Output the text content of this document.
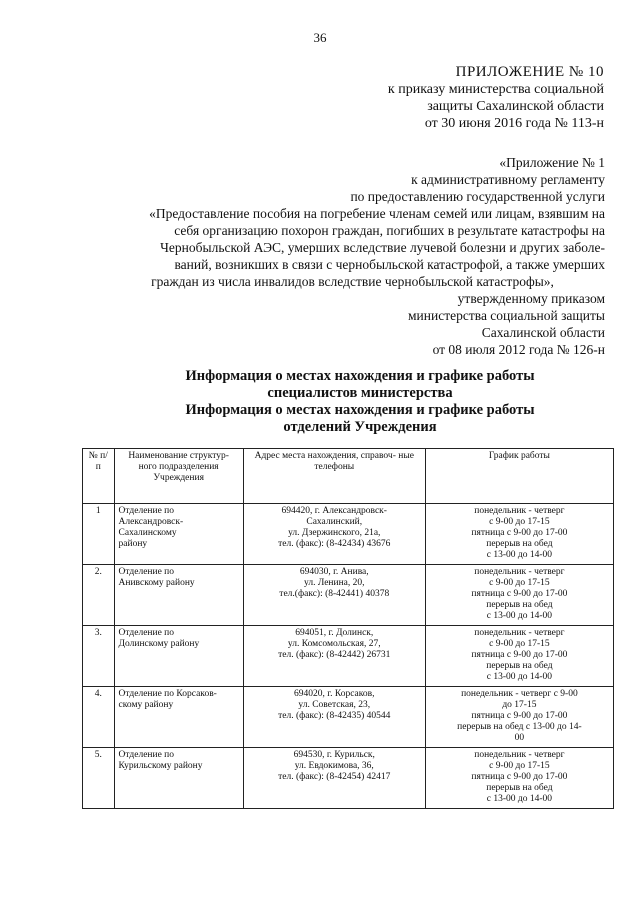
36
ПРИЛОЖЕНИЕ № 10
к приказу министерства социальной
защиты Сахалинской области
от 30 июня 2016 года № 113-н
«Приложение № 1
к административному регламенту
по предоставлению государственной услуги
«Предоставление пособия на погребение членам семей или лицам, взявшим на
себя организацию похорон граждан, погибших в результате катастрофы на
Чернобыльской АЭС, умерших вследствие лучевой болезни и других заболе-
ваний, возникших в связи с чернобыльской катастрофой, а также умерших
граждан из числа инвалидов вследствие чернобыльской катастрофы»,
утвержденному приказом
министерства социальной защиты
Сахалинской области
от 08 июля 2012 года № 126-н
Информация о местах нахождения и графике работы
специалистов министерства
Информация о местах нахождения и графике работы
отделений Учреждения
№ п/п	Наименование структур- ного подразделения Учреждения	Адрес места нахождения, справоч- ные телефоны	График работы
1	Отделение по
Александровск-
Сахалинскому
району	694420, г. Александровск-
Сахалинский,
ул. Дзержинского, 21а,
тел. (факс): (8-42434) 43676	понедельник - четверг
с 9-00 до 17-15
пятница с 9-00 до 17-00
перерыв на обед
с 13-00 до 14-00

2.	Отделение по
Анивскому району	694030, г. Анива,
ул. Ленина, 20,
тел.(факс): (8-42441) 40378	понедельник - четверг
с 9-00 до 17-15
пятница с 9-00 до 17-00
перерыв на обед
с 13-00 до 14-00

3.	Отделение по
Долинскому району	694051, г. Долинск,
ул. Комсомольская, 27,
тел. (факс): (8-42442) 26731	понедельник - четверг
с 9-00 до 17-15
пятница с 9-00 до 17-00
перерыв на обед
с 13-00 до 14-00

4.	Отделение по Корсаков-
скому району	694020, г. Корсаков,
ул. Советская, 23,
тел. (факс): (8-42435) 40544	понедельник - четверг с 9-00
до 17-15
пятница с 9-00 до 17-00
перерыв на обед с 13-00 до 14-
00

5.	Отделение по
Курильскому району	694530, г. Курильск,
ул. Евдокимова, 36,
тел. (факс): (8-42454) 42417	понедельник - четверг
с 9-00 до 17-15
пятница с 9-00 до 17-00
перерыв на обед
с 13-00 до 14-00
